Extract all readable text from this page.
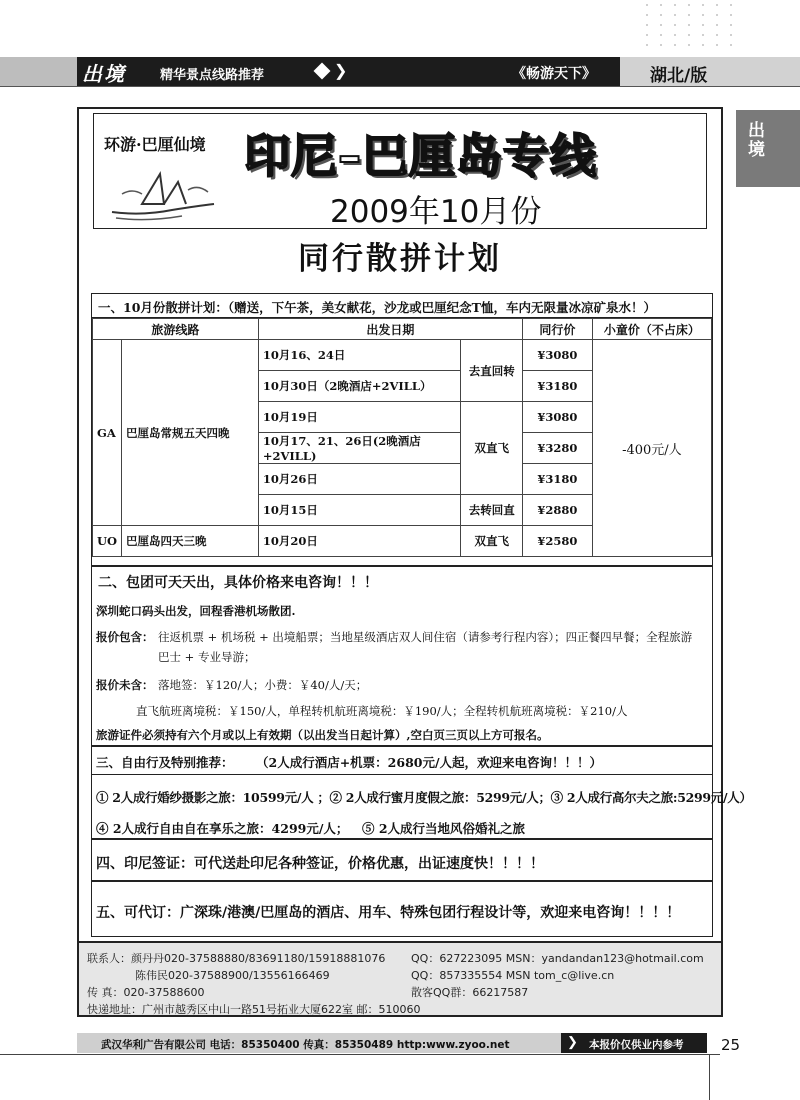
出境	精华景点线路推荐	❯	《畅游天下》	湖北/版
出境
环游·巴厘仙境 印尼–巴厘岛专线
2009年10月份
同行散拼计划
一、10月份散拼计划：（赠送，下午茶，美女献花，沙龙或巴厘纪念T恤，车内无限量冰凉矿泉水！）
旅游线路		出发日期		同行价	小童价（不占床）
GA	巴厘岛常规五天四晚	10月16、24日	去直回转	¥3080	-400元/人
		10月30日（2晚酒店+2VILL）		¥3180	
		10月19日	双直飞	¥3080	
		10月17、21、26日(2晚酒店+2VILL)		¥3280	
		10月26日		¥3180	
		10月15日	去转回直	¥2880	
UO	巴厘岛四天三晚	10月20日	双直飞	¥2580	
二、包团可天天出，具体价格来电咨询！！！
深圳蛇口码头出发，回程香港机场散团.
报价包含： 往返机票 + 机场税 + 出境船票；当地星级酒店双人间住宿（请参考行程内容）；四正餐四早餐；全程旅游
巴士 + 专业导游；
报价未含： 落地签：￥120/人；小费：￥40/人/天；
直飞航班离境税：￥150/人，单程转机航班离境税：￥190/人；全程转机航班离境税：￥210/人
旅游证件必须持有六个月或以上有效期（以出发当日起计算）,空白页三页以上方可报名。
三、自由行及特别推荐： （2人成行酒店+机票：2680元/人起，欢迎来电咨询！！！）
① 2人成行婚纱摄影之旅：10599元/人 ；② 2人成行蜜月度假之旅：5299元/人；③ 2人成行高尔夫之旅:5299元/人）
④ 2人成行自由自在享乐之旅：4299元/人； ⑤ 2人成行当地风俗婚礼之旅
四、印尼签证：可代送赴印尼各种签证，价格优惠，出证速度快！！！！
五、可代订：广深珠/港澳/巴厘岛的酒店、用车、特殊包团行程设计等，欢迎来电咨询！！！！
联系人：颜丹丹020-37588880/83691180/15918881076 QQ：627223095 MSN：yandandan123@hotmail.com
陈伟民020-37588900/13556166469	QQ：857335554 MSN tom_c@live.cn
传 真：020-37588600	散客QQ群：66217587
快递地址：广州市越秀区中山一路51号拓业大厦622室 邮：510060
武汉华利广告有限公司 电话：85350400 传真：85350489 http:www.zyoo.net	❯ 本报价仅供业内参考	25
